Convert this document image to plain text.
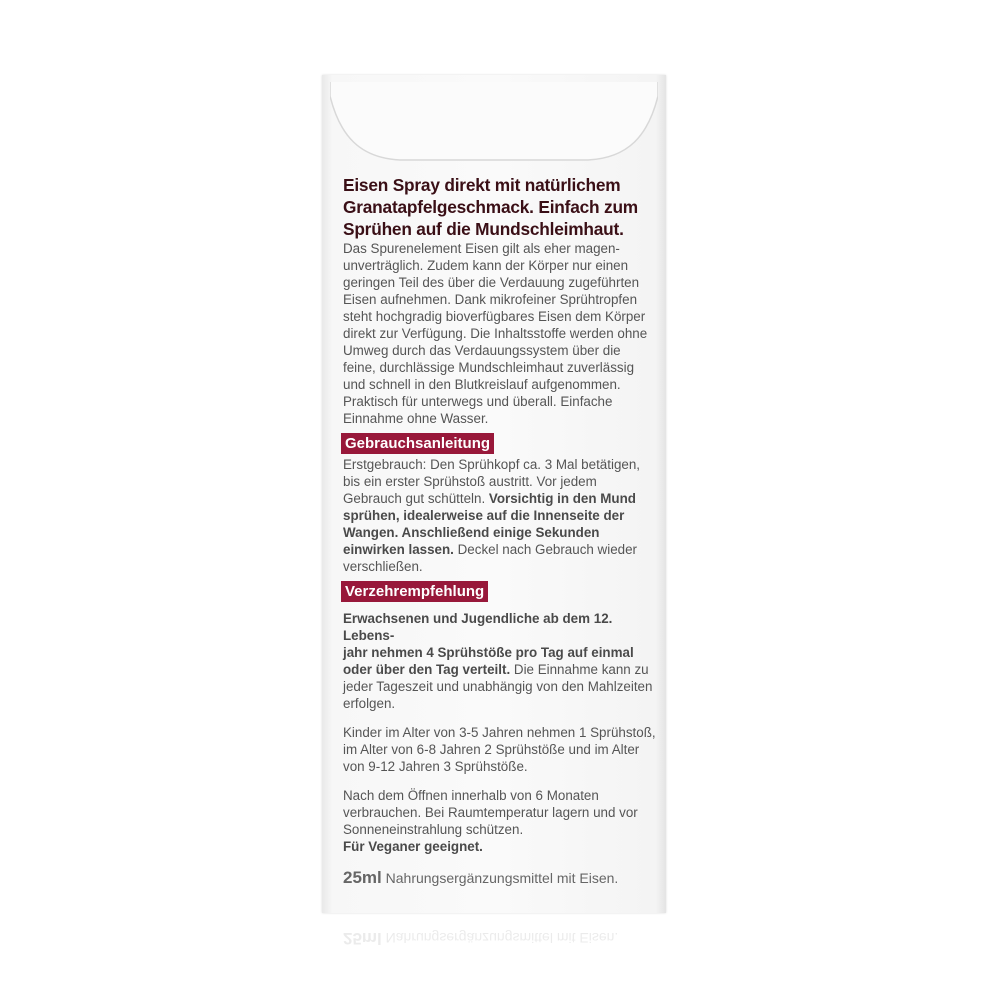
Eisen Spray direkt mit natürlichem
Granatapfelgeschmack. Einfach zum
Sprühen auf die Mundschleimhaut.
Das Spurenelement Eisen gilt als eher magen-
unverträglich. Zudem kann der Körper nur einen
geringen Teil des über die Verdauung zugeführten
Eisen aufnehmen. Dank mikrofeiner Sprühtropfen
steht hochgradig bioverfügbares Eisen dem Körper
direkt zur Verfügung. Die Inhaltsstoffe werden ohne
Umweg durch das Verdauungssystem über die
feine, durchlässige Mundschleimhaut zuverlässig
und schnell in den Blutkreislauf aufgenommen.
Praktisch für unterwegs und überall. Einfache
Einnahme ohne Wasser.
Gebrauchsanleitung
Erstgebrauch: Den Sprühkopf ca. 3 Mal betätigen,
bis ein erster Sprühstoß austritt. Vor jedem
Gebrauch gut schütteln. Vorsichtig in den Mund
sprühen, idealerweise auf die Innenseite der
Wangen. Anschließend einige Sekunden
einwirken lassen. Deckel nach Gebrauch wieder
verschließen.
Verzehrempfehlung
Erwachsenen und Jugendliche ab dem 12. Lebens-
jahr nehmen 4 Sprühstöße pro Tag auf einmal
oder über den Tag verteilt. Die Einnahme kann zu
jeder Tageszeit und unabhängig von den Mahlzeiten
erfolgen.
Kinder im Alter von 3-5 Jahren nehmen 1 Sprühstoß,
im Alter von 6-8 Jahren 2 Sprühstöße und im Alter
von 9-12 Jahren 3 Sprühstöße.
Nach dem Öffnen innerhalb von 6 Monaten
verbrauchen. Bei Raumtemperatur lagern und vor
Sonneneinstrahlung schützen.
Für Veganer geeignet.
25ml Nahrungsergänzungsmittel mit Eisen.
25ml Nahrungsergänzungsmittel mit Eisen.
